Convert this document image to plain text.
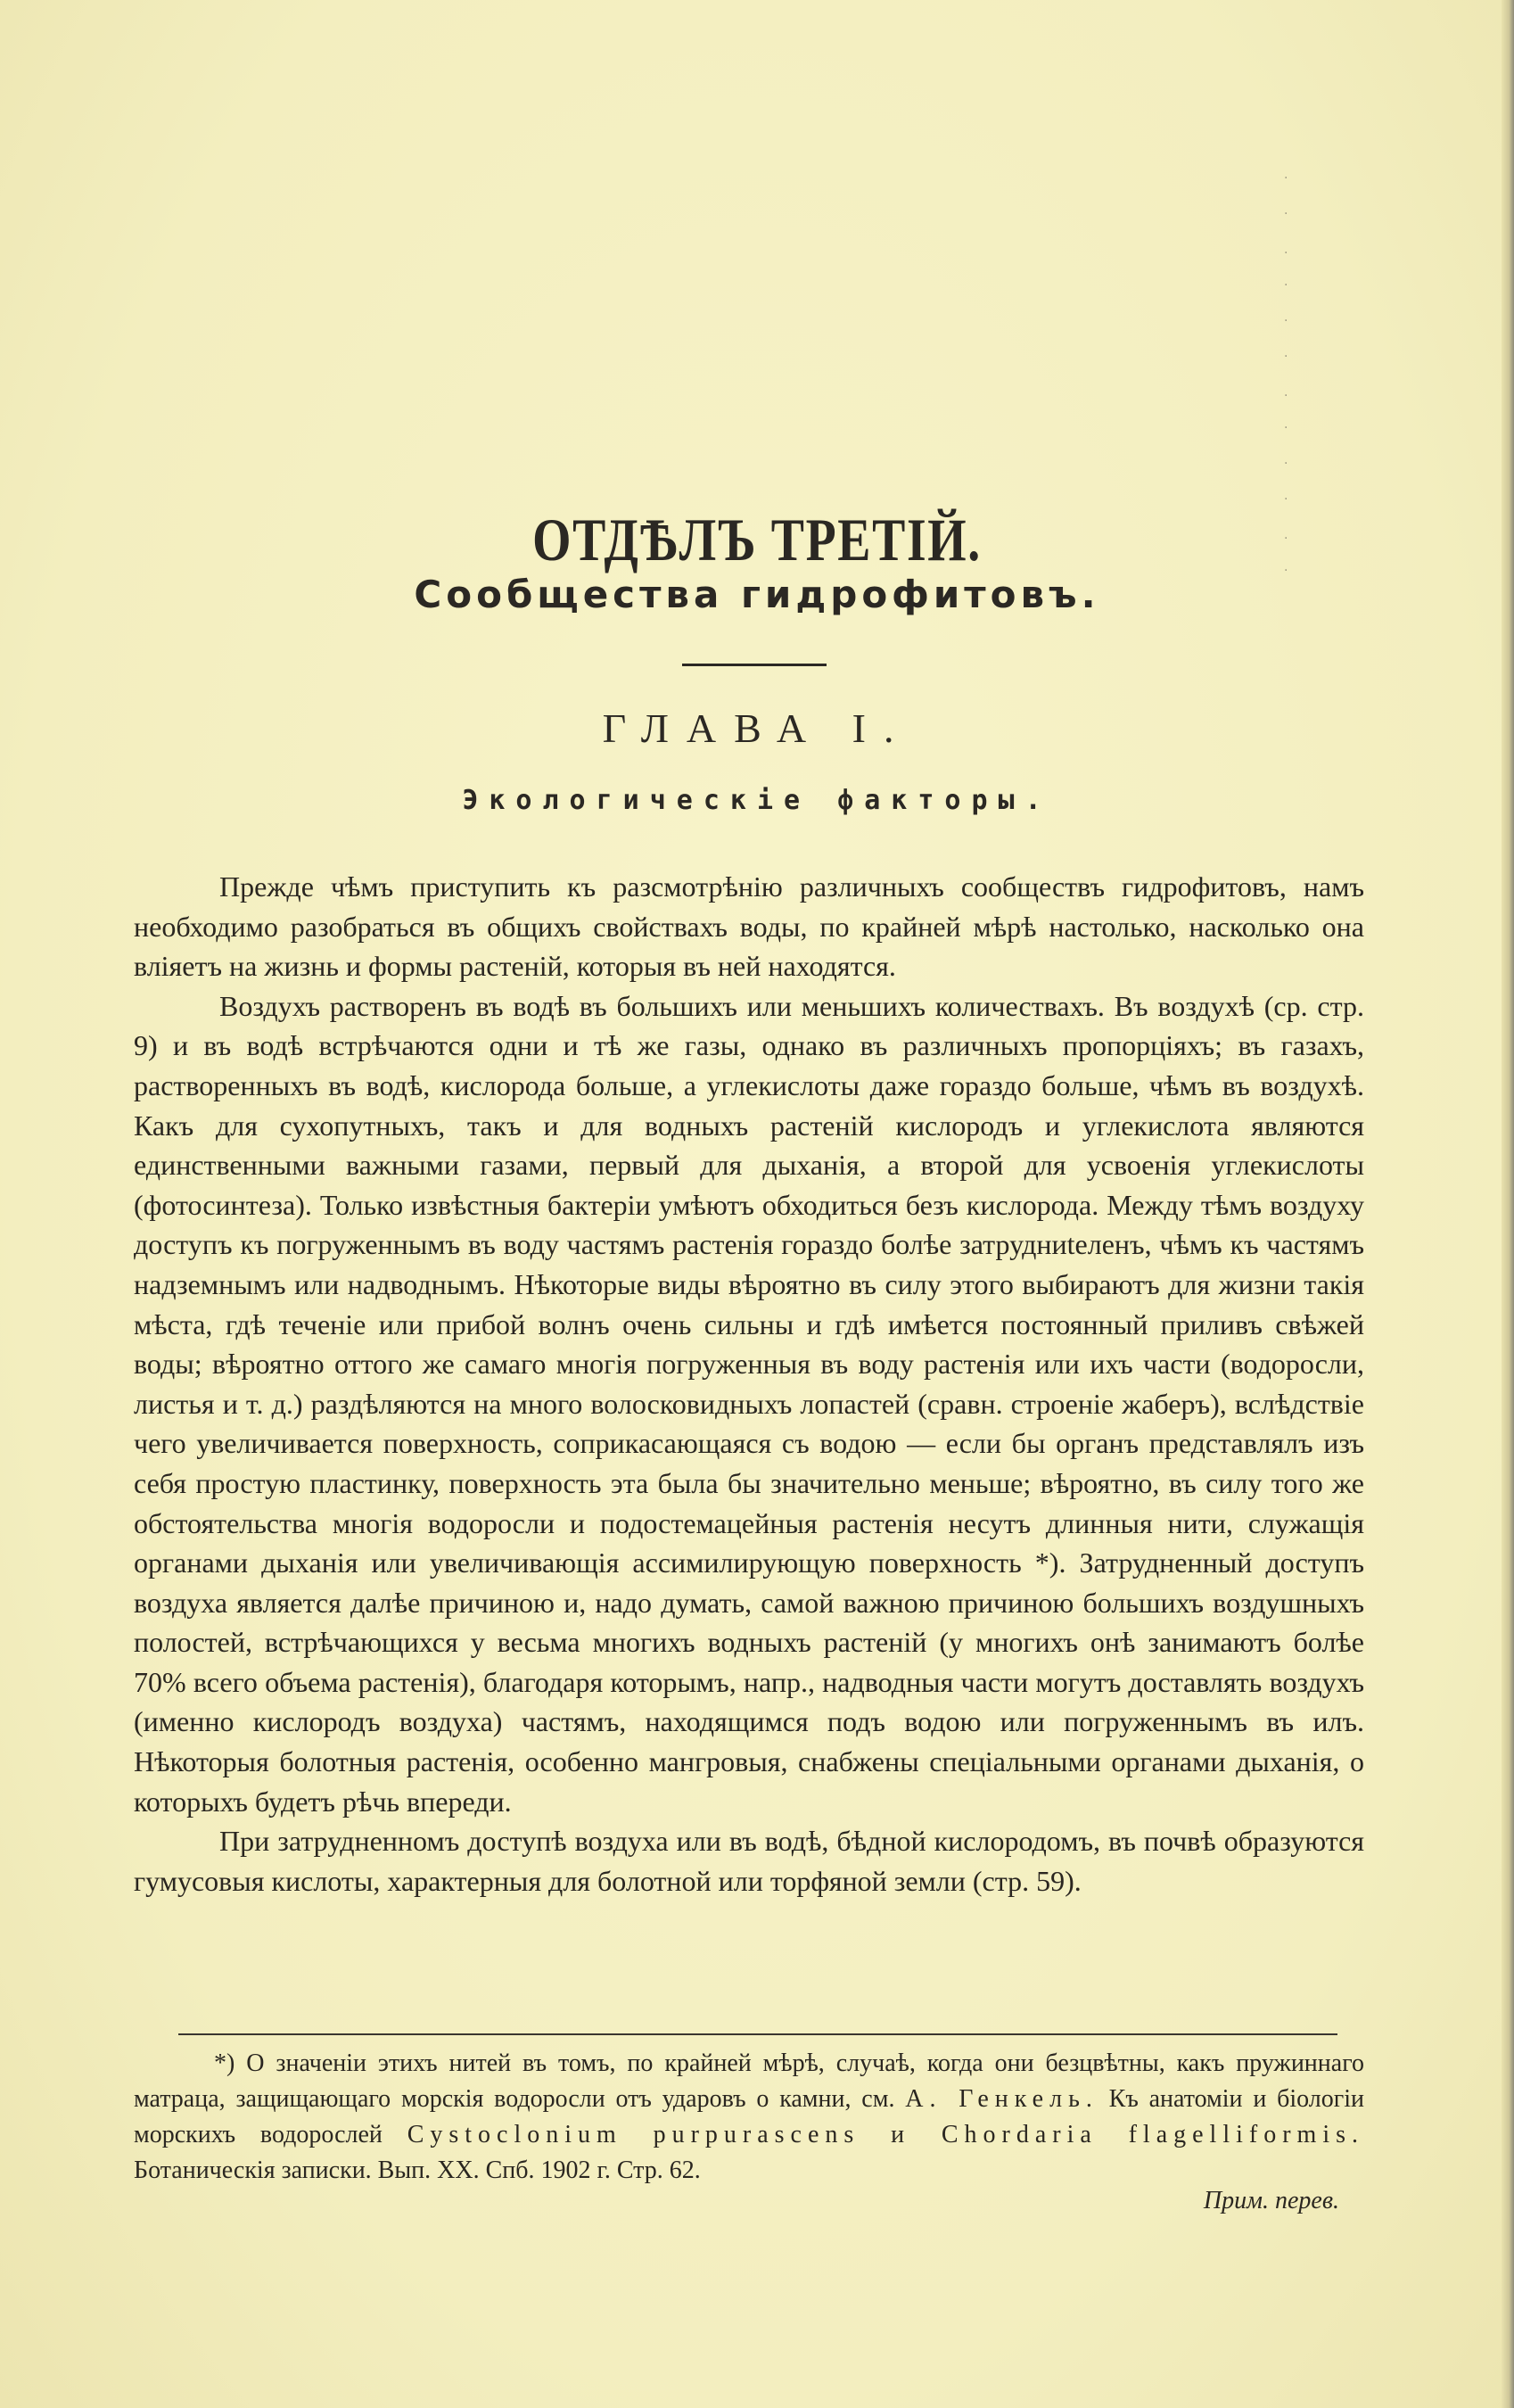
·
·
.
·
·
·
.
·
·
·
.
·
ОТДѢЛЪ ТРЕТІЙ.
Сообщества гидрофитовъ.
ГЛАВА I.
Экологическіе факторы.

Прежде чѣмъ приступить къ разсмотрѣнію различныхъ сообществъ гидрофитовъ, намъ необходимо разобраться въ общихъ свойствахъ воды, по крайней мѣрѣ настолько, насколько она вліяетъ на жизнь и формы растеній, которыя въ ней находятся.

Воздухъ растворенъ въ водѣ въ большихъ или меньшихъ количествахъ. Въ воздухѣ (ср. стр. 9) и въ водѣ встрѣчаются одни и тѣ же газы, однако въ различныхъ пропорціяхъ; въ газахъ, растворенныхъ въ водѣ, кислорода больше, а углекислоты даже гораздо больше, чѣмъ въ воздухѣ. Какъ для сухопутныхъ, такъ и для водныхъ растеній кислородъ и углекислота являются единственными важными газами, первый для дыханія, а второй для усвоенія углекислоты (фотосинтеза). Только извѣстныя бактеріи умѣютъ обходиться безъ кислорода. Между тѣмъ воздуху доступъ къ погруженнымъ въ воду частямъ растенія гораздо болѣе затрудниteленъ, чѣмъ къ частямъ надземнымъ или надводнымъ. Нѣкоторые виды вѣроятно въ силу этого выбираютъ для жизни такія мѣста, гдѣ теченіе или прибой волнъ очень сильны и гдѣ имѣется постоянный приливъ свѣжей воды; вѣроятно оттого же самаго многія погруженныя въ воду растенія или ихъ части (водоросли, листья и т. д.) раздѣляются на много волосковидныхъ лопастей (сравн. строеніе жаберъ), вслѣдствіе чего увеличивается поверхность, соприкасающаяся съ водою — если бы органъ представлялъ изъ себя простую пластинку, поверхность эта была бы значительно меньше; вѣроятно, въ силу того же обстоятельства многія водоросли и подостемацейныя растенія несутъ длинныя нити, служащія органами дыханія или увеличивающія ассимилирующую поверхность *). Затрудненный доступъ воздуха является далѣе причиною и, надо думать, самой важною причиною большихъ воздушныхъ полостей, встрѣчающихся у весьма многихъ водныхъ растеній (у многихъ онѣ занимаютъ болѣе 70% всего объема растенія), благодаря которымъ, напр., надводныя части могутъ доставлять воздухъ (именно кислородъ воздуха) частямъ, находящимся подъ водою или погруженнымъ въ илъ. Нѣкоторыя болотныя растенія, особенно мангровыя, снабжены спеціальными органами дыханія, о которыхъ будетъ рѣчь впереди.

При затрудненномъ доступѣ воздуха или въ водѣ, бѣдной кислородомъ, въ почвѣ образуются гумусовыя кислоты, характерныя для болотной или торфяной земли (стр. 59).

*) О значеніи этихъ нитей въ томъ, по крайней мѣрѣ, случаѣ, когда они безцвѣтны, какъ пружиннаго матраца, защищающаго морскія водоросли отъ ударовъ о камни, см. А. Генкель. Къ анатоміи и біологіи морскихъ водорослей Cystoclonium purpurascens и Chordaria flagelliformis. Ботаническія записки. Вып. XX. Спб. 1902 г. Стр. 62.

Прим. перев.
